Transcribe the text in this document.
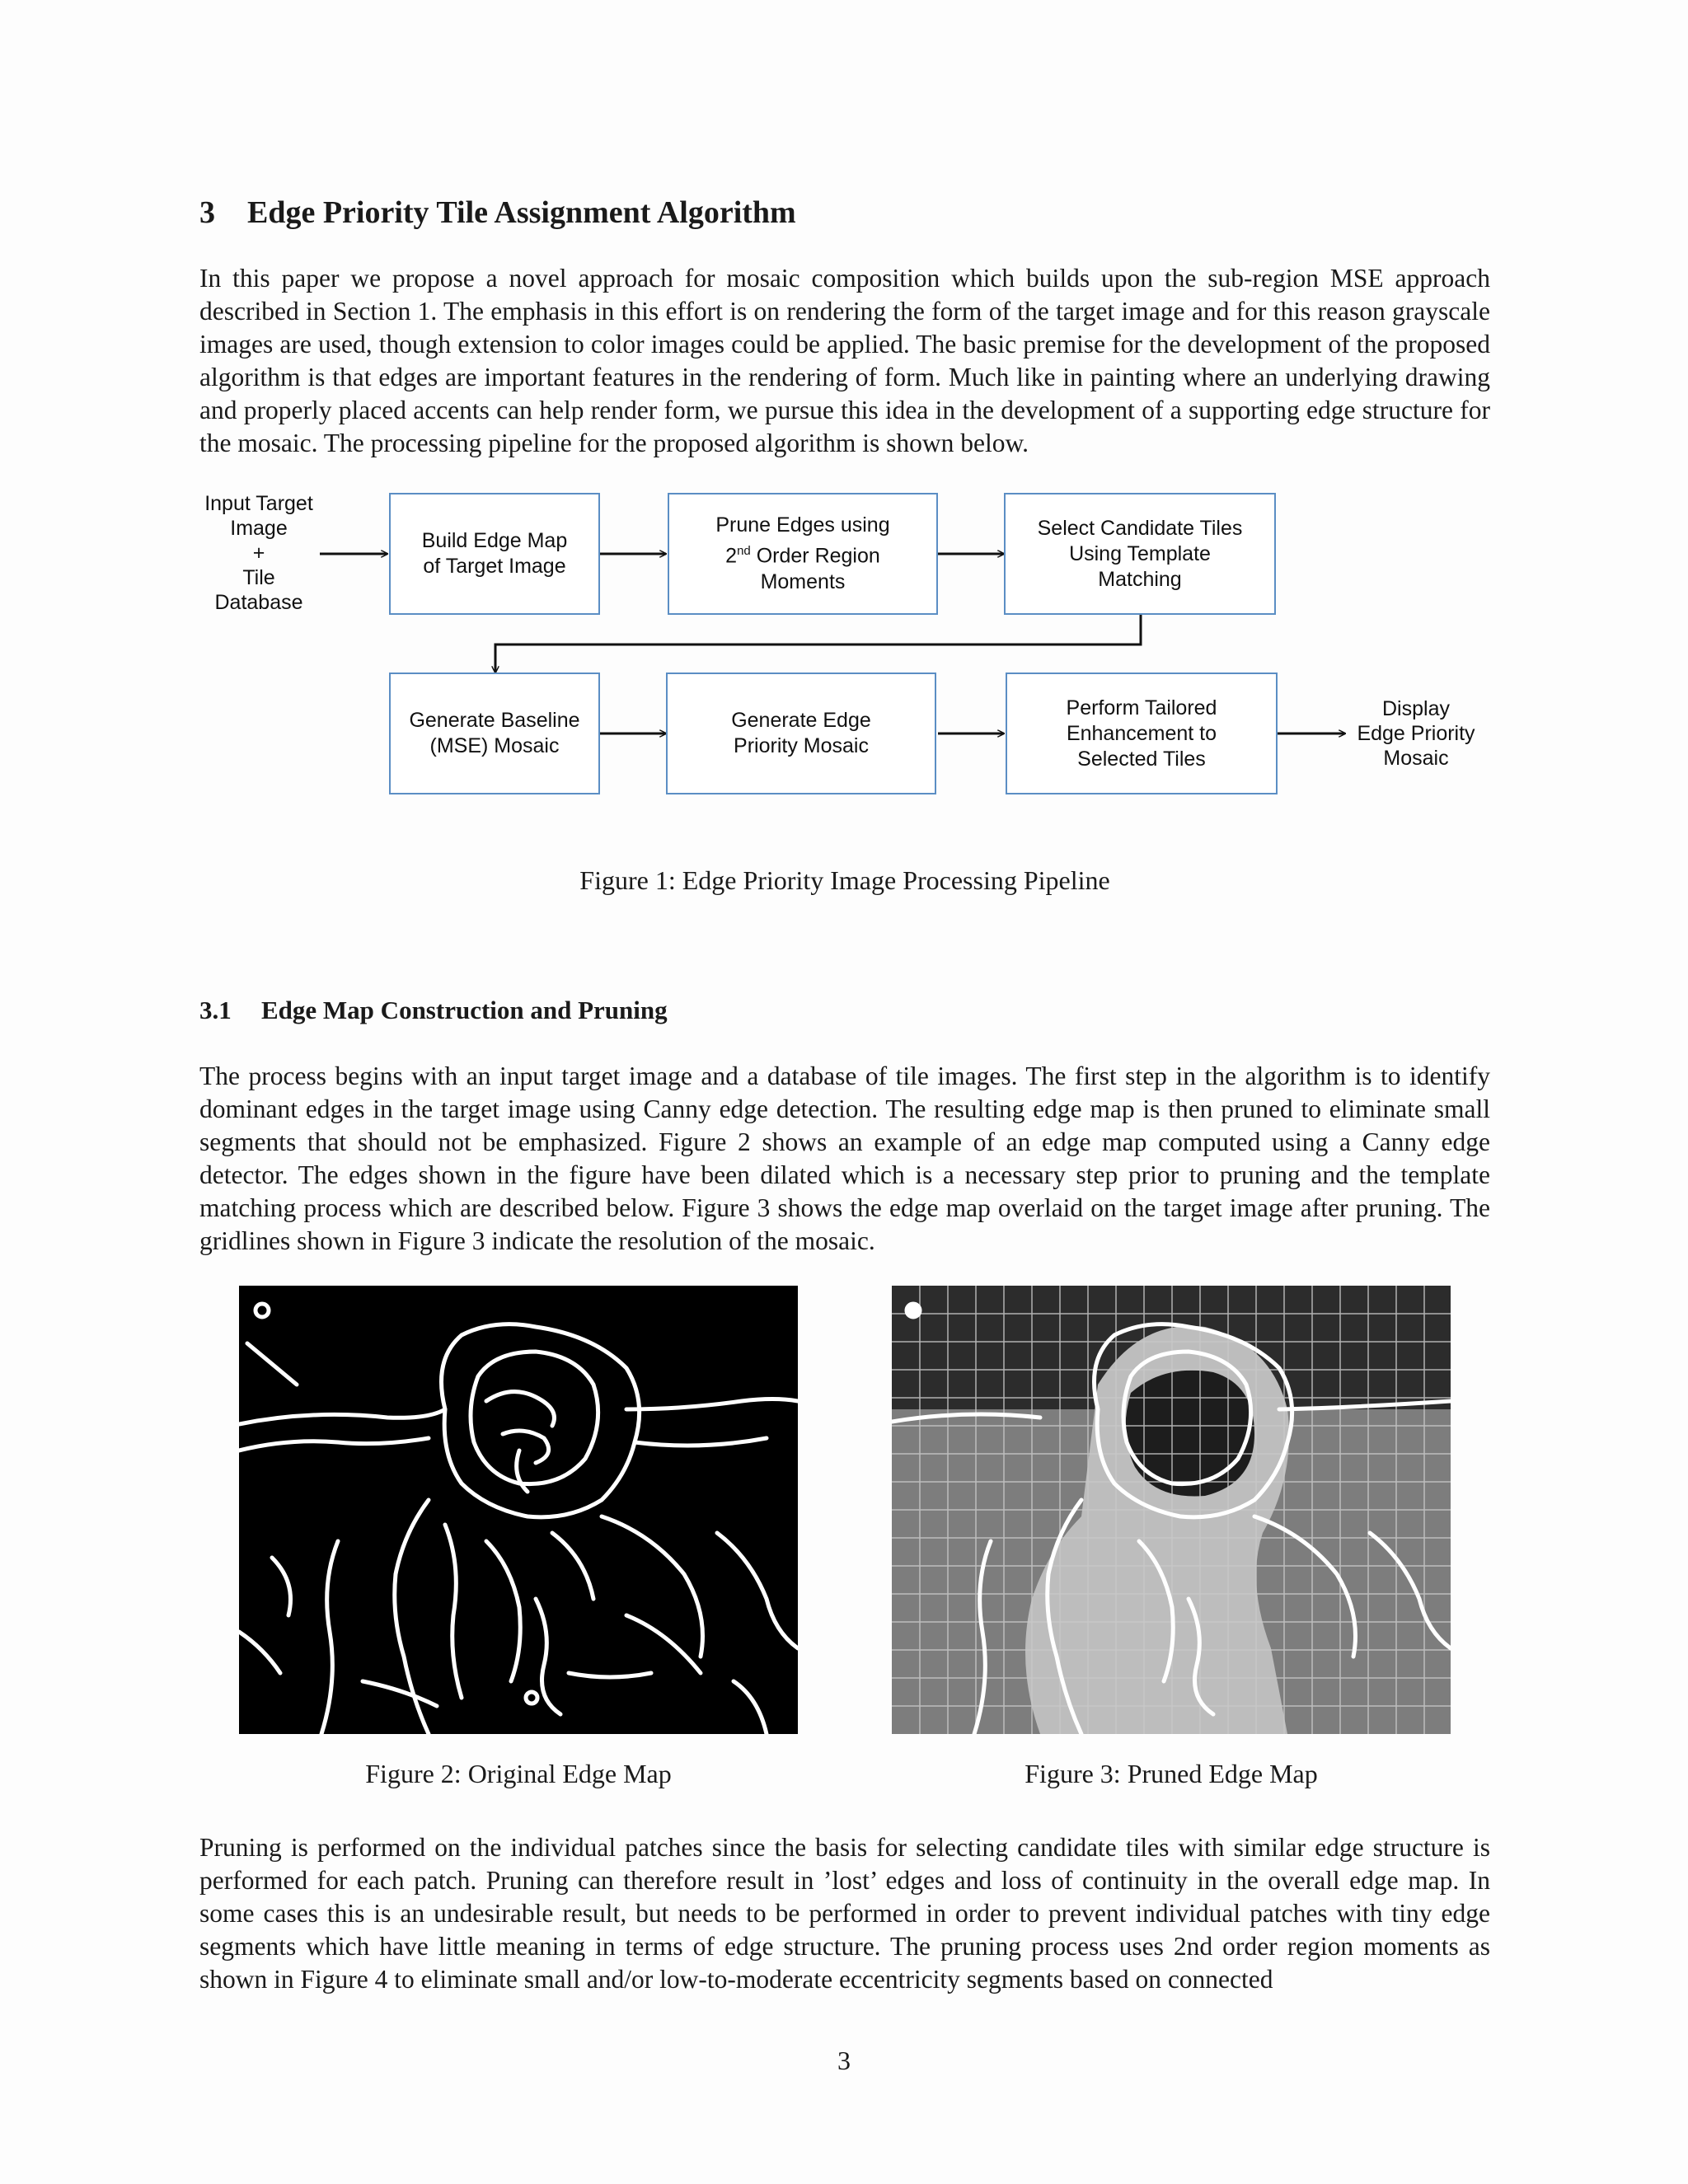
3 Edge Priority Tile Assignment Algorithm

In this paper we propose a novel approach for mosaic composition which builds upon the sub-region MSE approach described in Section 1. The emphasis in this effort is on rendering the form of the target image and for this reason grayscale images are used, though extension to color images could be applied. The basic premise for the development of the proposed algorithm is that edges are important features in the rendering of form. Much like in painting where an underlying drawing and properly placed accents can help render form, we pursue this idea in the development of a supporting edge structure for the mosaic. The processing pipeline for the proposed algorithm is shown below.

Input Target
Image
+
Tile
Database
Build Edge Map
of Target Image
Prune Edges using
2nd Order Region
Moments
Select Candidate Tiles
Using Template
Matching
Generate Baseline
(MSE) Mosaic
Generate Edge
Priority Mosaic
Perform Tailored
Enhancement to
Selected Tiles
Display
Edge Priority
Mosaic

Figure 1: Edge Priority Image Processing Pipeline

3.1 Edge Map Construction and Pruning

The process begins with an input target image and a database of tile images. The first step in the algorithm is to identify dominant edges in the target image using Canny edge detection. The resulting edge map is then pruned to eliminate small segments that should not be emphasized. Figure 2 shows an example of an edge map computed using a Canny edge detector. The edges shown in the figure have been dilated which is a necessary step prior to pruning and the template matching process which are described below. Figure 3 shows the edge map overlaid on the target image after pruning. The gridlines shown in Figure 3 indicate the resolution of the mosaic.

Figure 2: Original Edge Map	Figure 3: Pruned Edge Map

Pruning is performed on the individual patches since the basis for selecting candidate tiles with similar edge structure is performed for each patch. Pruning can therefore result in ’lost’ edges and loss of continuity in the overall edge map. In some cases this is an undesirable result, but needs to be performed in order to prevent individual patches with tiny edge segments which have little meaning in terms of edge structure. The pruning process uses 2nd order region moments as shown in Figure 4 to eliminate small and/or low-to-moderate eccentricity segments based on connected

3
